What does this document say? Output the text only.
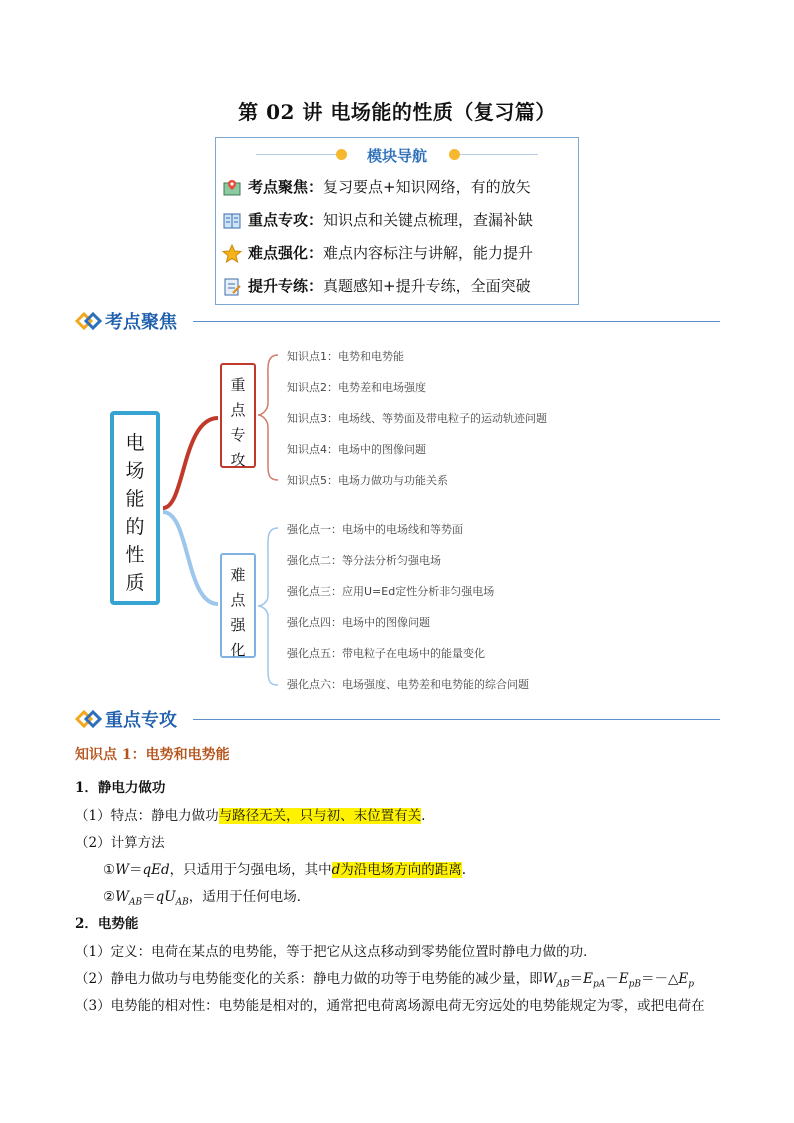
第 02 讲 电场能的性质（复习篇）
模块导航
考点聚焦：复习要点+知识网络，有的放矢
重点专攻：知识点和关键点梳理，查漏补缺
难点强化：难点内容标注与讲解，能力提升
提升专练：真题感知+提升专练，全面突破
考点聚焦
电
场
能
的
性
质
重
点
专
攻
难
点
强
化
知识点1：电势和电势能
知识点2：电势差和电场强度
知识点3：电场线、等势面及带电粒子的运动轨迹问题
知识点4：电场中的图像问题
知识点5：电场力做功与功能关系
强化点一：电场中的电场线和等势面
强化点二：等分法分析匀强电场
强化点三：应用U=Ed定性分析非匀强电场
强化点四：电场中的图像问题
强化点五：带电粒子在电场中的能量变化
强化点六：电场强度、电势差和电势能的综合问题
重点专攻
知识点 1：电势和电势能
1．静电力做功
（1）特点：静电力做功与路径无关，只与初、末位置有关.
（2）计算方法
①W＝qEd，只适用于匀强电场，其中d为沿电场方向的距离.
$②W_{AB}=qU_{AB}$，适用于任何电场．
2．电势能
（1）定义：电荷在某点的电势能，等于把它从这点移动到零势能位置时静电力做的功．
（2）静电力做功与电势能变化的关系：静电力做的功等于电势能的减少量，即$W_{AB}=E_{pA}-E_{pB}=-\triangle E_p$
（3）电势能的相对性：电势能是相对的，通常把电荷离场源电荷无穷远处的电势能规定为零，或把电荷在
